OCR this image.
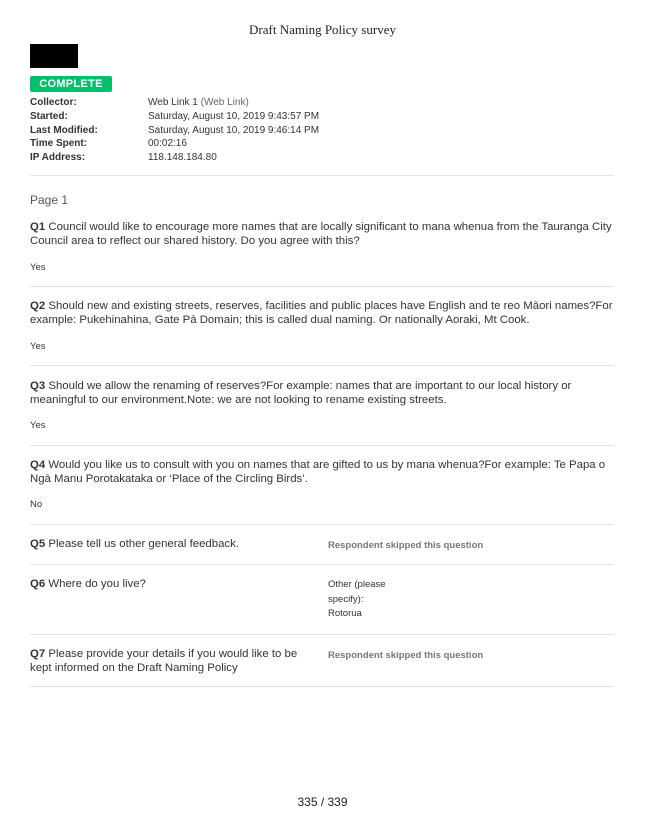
Draft Naming Policy survey
COMPLETE
Collector:	Web Link 1 (Web Link)
Started:	Saturday, August 10, 2019 9:43:57 PM
Last Modified:	Saturday, August 10, 2019 9:46:14 PM
Time Spent:	00:02:16
IP Address:	118.148.184.80
Page 1
Q1 Council would like to encourage more names that are locally significant to mana whenua from the Tauranga City Council area to reflect our shared history. Do you agree with this?
Yes
Q2 Should new and existing streets, reserves, facilities and public places have English and te reo Māori names?For example: Pukehinahina, Gate Pā Domain; this is called dual naming. Or nationally Aoraki, Mt Cook.
Yes
Q3 Should we allow the renaming of reserves?For example: names that are important to our local history or meaningful to our environment.Note: we are not looking to rename existing streets.
Yes
Q4 Would you like us to consult with you on names that are gifted to us by mana whenua?For example: Te Papa o Ngā Manu Porotakataka or ‘Place of the Circling Birds’.
No
Q5 Please tell us other general feedback.	Respondent skipped this question
Q6 Where do you live?	Other (please
specify):
Rotorua
Q7 Please provide your details if you would like to be kept informed on the Draft Naming Policy
Respondent skipped this question
335 / 339
